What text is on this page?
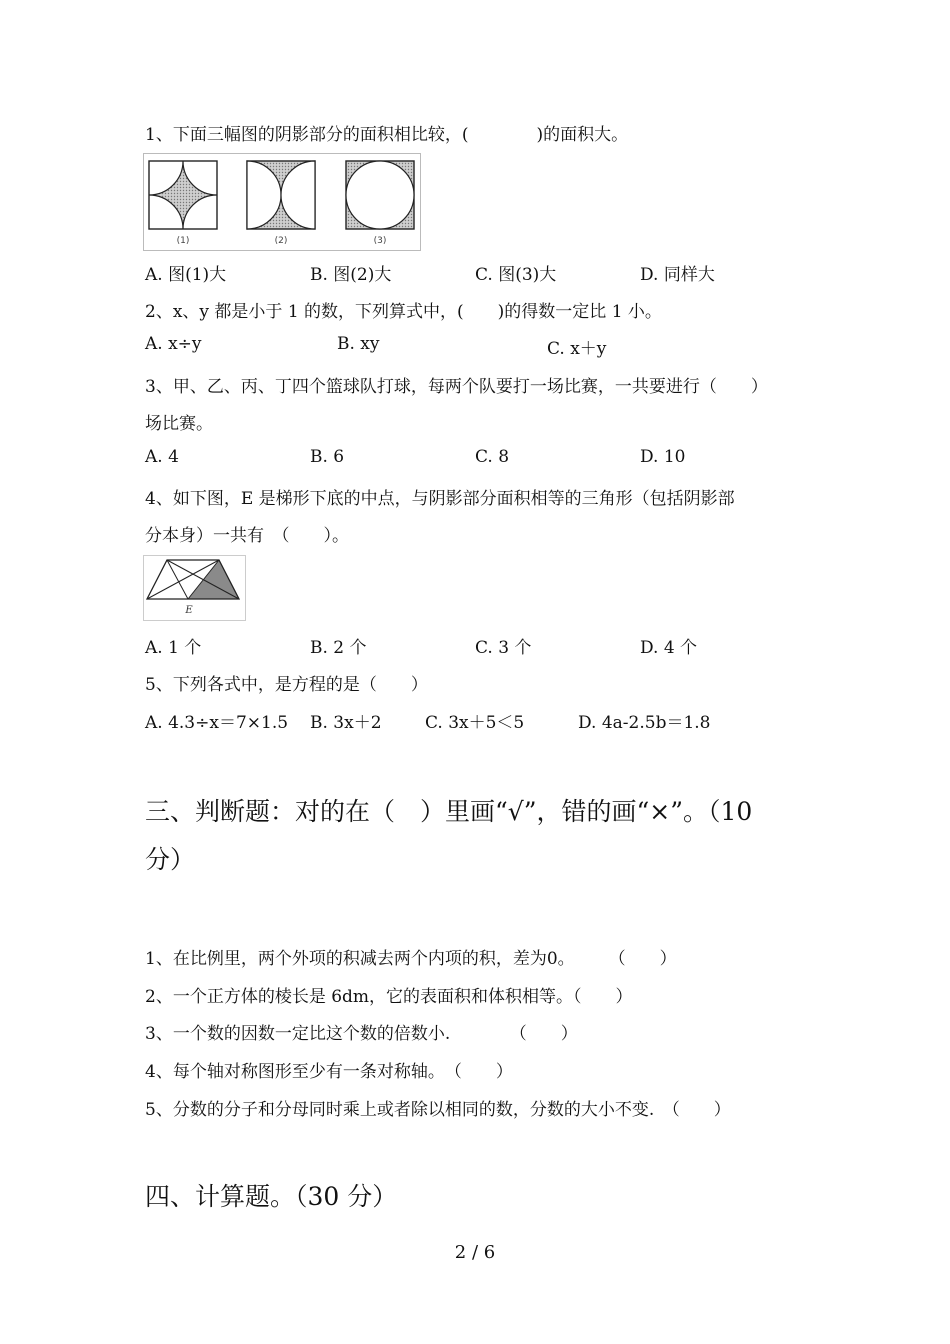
1、下面三幅图的阴影部分的面积相比较，(　　　　)的面积大。
(1)	(2)	(3)
A. 图(1)大	B. 图(2)大	C. 图(3)大	D. 同样大
2、x、y 都是小于 1 的数，下列算式中，(　　)的得数一定比 1 小。
A. x÷y	B. xy	C. x＋y
3、甲、乙、丙、丁四个篮球队打球，每两个队要打一场比赛，一共要进行（　　）
场比赛。
A. 4	B. 6	C. 8	D. 10
4、如下图，E 是梯形下底的中点，与阴影部分面积相等的三角形（包括阴影部
分本身）一共有　（　　）。
E
A. 1 个	B. 2 个	C. 3 个	D. 4 个
5、下列各式中，是方程的是（　　）
A. 4.3÷x＝7×1.5 B. 3x＋2	C. 3x＋5＜5	D. 4a-2.5b＝1.8
三、判断题：对的在（　）里画“√”，错的画“×”。（10
分）
1、在比例里，两个外项的积减去两个内项的积，差为0。　　　（　　）
2、一个正方体的棱长是 6dm，它的表面积和体积相等。（　　）
3、一个数的因数一定比这个数的倍数小.　　　　（　　）
4、每个轴对称图形至少有一条对称轴。　（　　）
5、分数的分子和分母同时乘上或者除以相同的数，分数的大小不变.　（　　）
四、计算题。（30 分）
2 / 6
